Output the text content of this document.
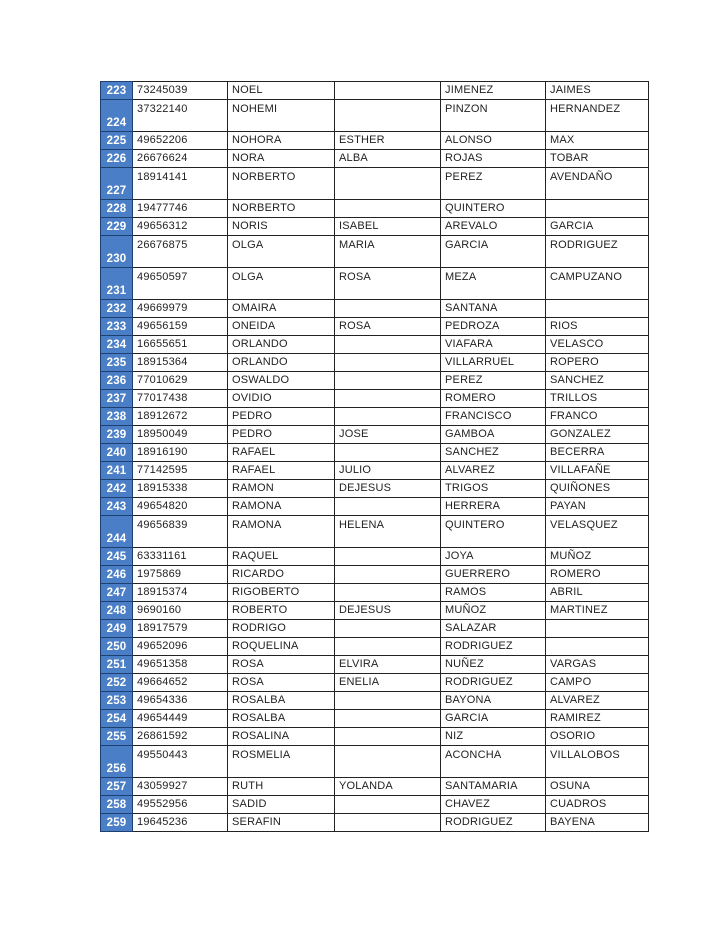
223	73245039	NOEL		JIMENEZ	JAIMES
224	37322140	NOHEMI		PINZON	HERNANDEZ
225	49652206	NOHORA	ESTHER	ALONSO	MAX
226	26676624	NORA	ALBA	ROJAS	TOBAR
227	18914141	NORBERTO		PEREZ	AVENDAÑO
228	19477746	NORBERTO		QUINTERO	
229	49656312	NORIS	ISABEL	AREVALO	GARCIA
230	26676875	OLGA	MARIA	GARCIA	RODRIGUEZ
231	49650597	OLGA	ROSA	MEZA	CAMPUZANO
232	49669979	OMAIRA		SANTANA	
233	49656159	ONEIDA	ROSA	PEDROZA	RIOS
234	16655651	ORLANDO		VIAFARA	VELASCO
235	18915364	ORLANDO		VILLARRUEL	ROPERO
236	77010629	OSWALDO		PEREZ	SANCHEZ
237	77017438	OVIDIO		ROMERO	TRILLOS
238	18912672	PEDRO		FRANCISCO	FRANCO
239	18950049	PEDRO	JOSE	GAMBOA	GONZALEZ
240	18916190	RAFAEL		SANCHEZ	BECERRA
241	77142595	RAFAEL	JULIO	ALVAREZ	VILLAFAÑE
242	18915338	RAMON	DEJESUS	TRIGOS	QUIÑONES
243	49654820	RAMONA		HERRERA	PAYAN
244	49656839	RAMONA	HELENA	QUINTERO	VELASQUEZ
245	63331161	RAQUEL		JOYA	MUÑOZ
246	1975869	RICARDO		GUERRERO	ROMERO
247	18915374	RIGOBERTO		RAMOS	ABRIL
248	9690160	ROBERTO	DEJESUS	MUÑOZ	MARTINEZ
249	18917579	RODRIGO		SALAZAR	
250	49652096	ROQUELINA		RODRIGUEZ	
251	49651358	ROSA	ELVIRA	NUÑEZ	VARGAS
252	49664652	ROSA	ENELIA	RODRIGUEZ	CAMPO
253	49654336	ROSALBA		BAYONA	ALVAREZ
254	49654449	ROSALBA		GARCIA	RAMIREZ
255	26861592	ROSALINA		NIZ	OSORIO
256	49550443	ROSMELIA		ACONCHA	VILLALOBOS
257	43059927	RUTH	YOLANDA	SANTAMARIA	OSUNA
258	49552956	SADID		CHAVEZ	CUADROS
259	19645236	SERAFIN		RODRIGUEZ	BAYENA
